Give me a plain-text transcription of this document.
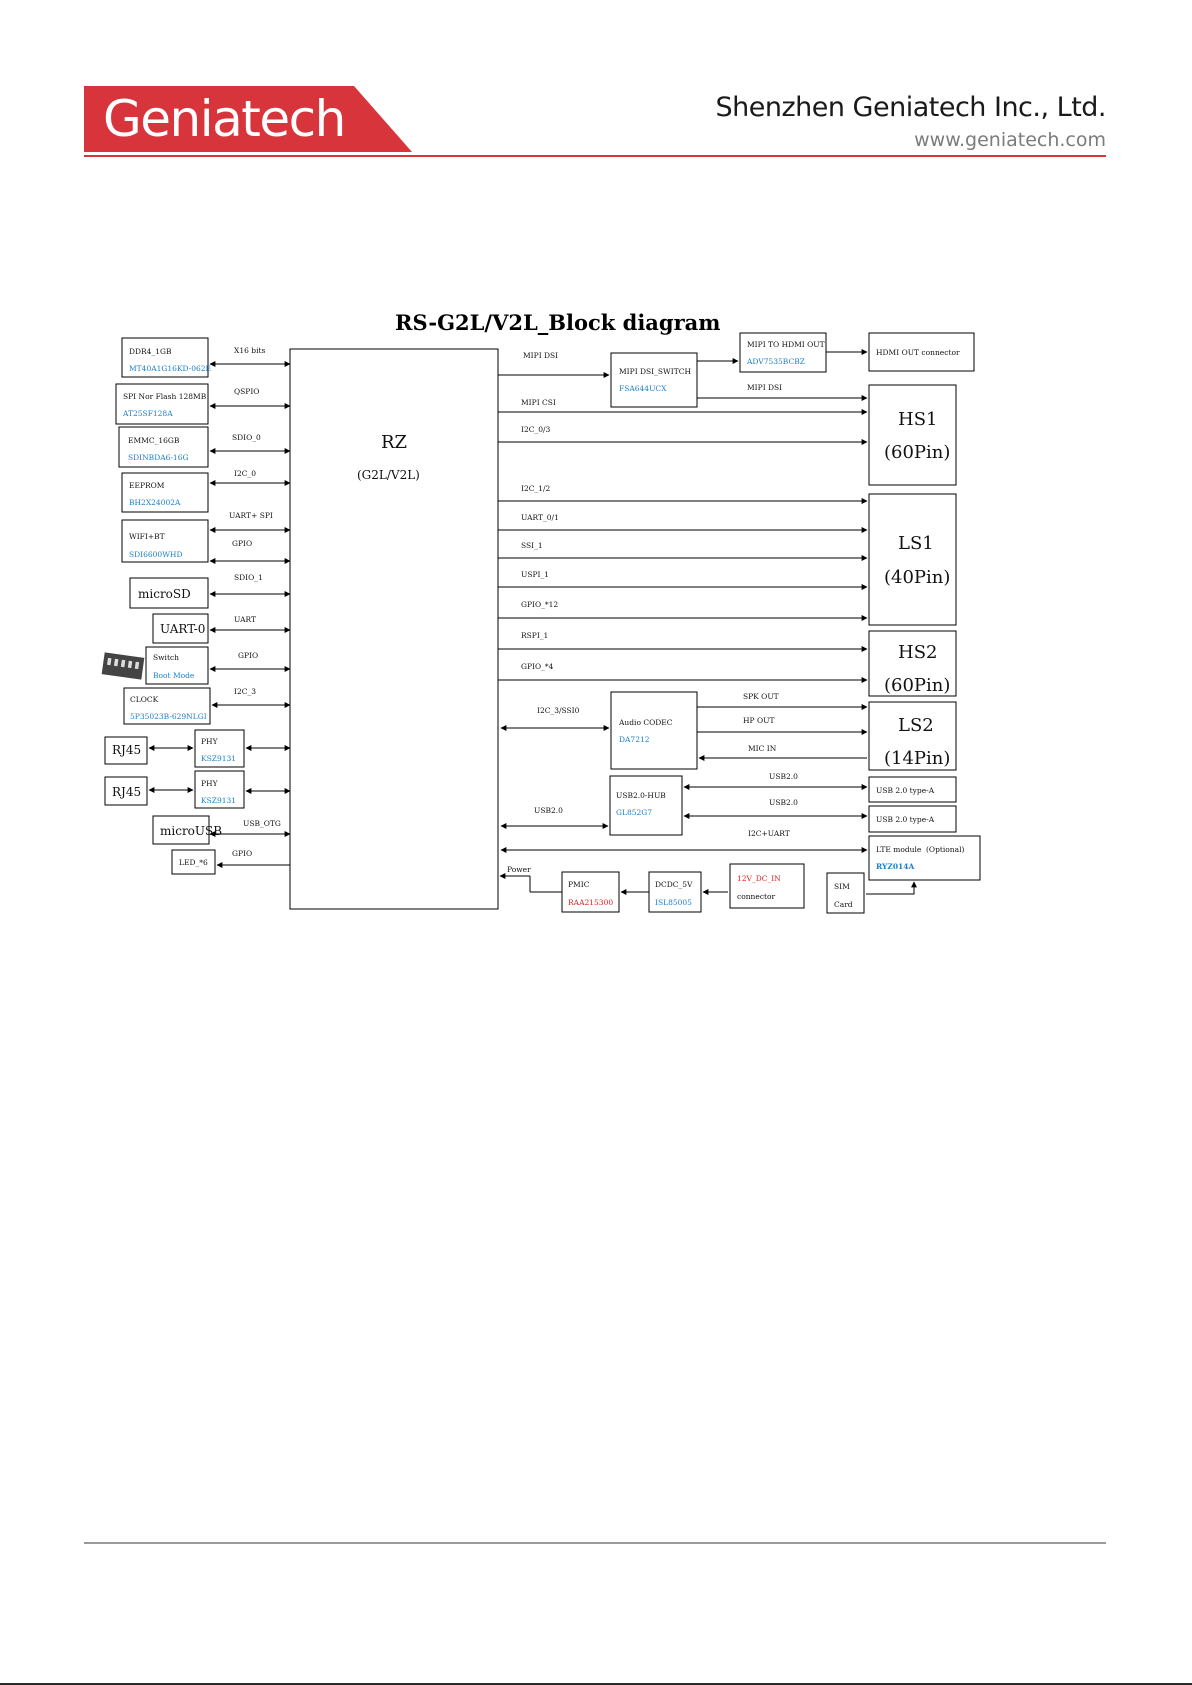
Geniatech	Shenzhen Geniatech Inc., Ltd.
www.geniatech.com
RS-G2L/V2L_Block diagram
RZ
(G2L/V2L)
DDR4_1GB
MT40A1G16KD-062E
X16 bits
SPI Nor Flash 128MB
AT25SF128A
QSPIO
EMMC_16GB
SDINBDA6-16G
SDIO_0
EEPROM
BH2X24002A
I2C_0
WIFI+BT
SDI6600WHD
UART+ SPI
GPIO
microSD
SDIO_1
UART-0
UART
Switch
Boot Mode
GPIO
CLOCK
5P35023B-629NLGI
I2C_3
PHY
KSZ9131
RJ45
PHY
KSZ9131
RJ45
microUSB
USB_OTG
LED_*6
GPIO
MIPI DSI
MIPI DSI
MIPI CSI
I2C_0/3
I2C_1/2
UART_0/1
SSI_1
USPI_1
GPIO_*12
RSPI_1
GPIO_*4
I2C_3/SSI0
SPK OUT
HP OUT
MIC IN
USB2.0
USB2.0
USB2.0
I2C+UART
Power
MIPI DSI_SWITCH
FSA644UCX
MIPI TO HDMI OUT
ADV7535BCBZ
HDMI OUT connector
HS1
(60Pin)
LS1
(40Pin)
HS2
(60Pin)
LS2
(14Pin)
Audio CODEC
DA7212
USB2.0-HUB
GL852G7
USB 2.0 type-A
USB 2.0 type-A
LTE module (Optional)
RYZ014A
SIM
Card
PMIC
RAA215300
DCDC_5V
ISL85005
12V_DC_IN
connector
